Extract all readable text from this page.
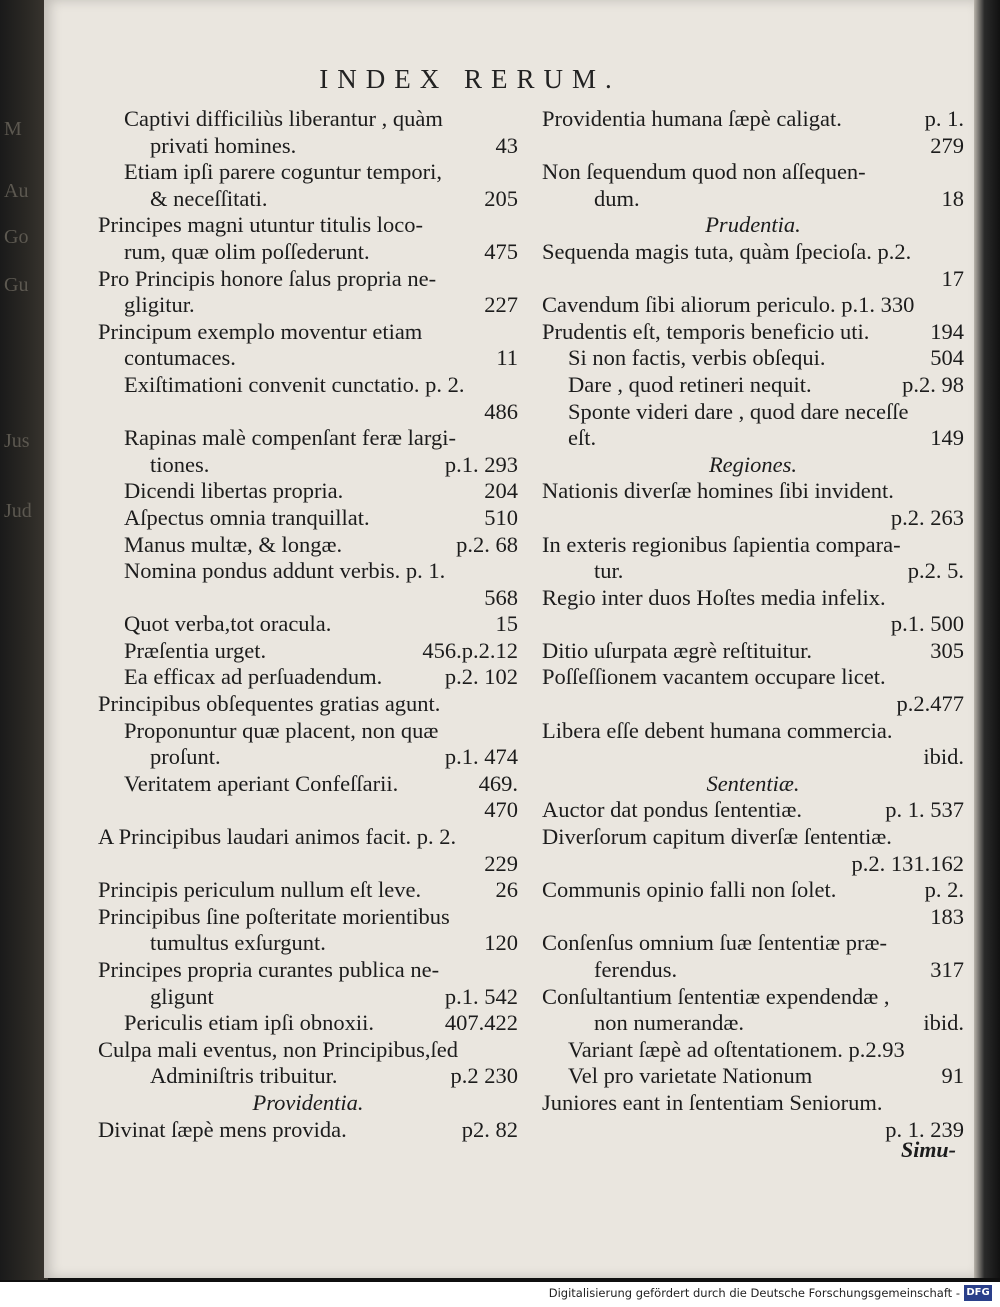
M
Au
Go
Gu
Jus
Jud
INDEX RERUM.
Captivi difficiliùs liberantur , quàm
privati homines.	43
Etiam ipſi parere coguntur tempori,
& neceſſitati.	205
Principes magni utuntur titulis loco-
rum, quæ olim poſſederunt.	475
Pro Principis honore ſalus propria ne-
gligitur.	227
Principum exemplo moventur etiam
contumaces.	11
Exiſtimationi convenit cunctatio. p. 2.
486
Rapinas malè compenſant feræ largi-
tiones.	p.1. 293
Dicendi libertas propria.	204
Aſpectus omnia tranquillat.	510
Manus multæ, & longæ.	p.2. 68
Nomina pondus addunt verbis. p. 1.
568
Quot verba,tot oracula.	15
Præſentia urget.	456.p.2.12
Ea efficax ad perſuadendum.	p.2. 102
Principibus obſequentes gratias agunt.
Proponuntur quæ placent, non quæ
proſunt.	p.1. 474
Veritatem aperiant Confeſſarii.	469.
470
A Principibus laudari animos facit. p. 2.
229
Principis periculum nullum eſt leve.	26
Principibus ſine poſteritate morientibus
tumultus exſurgunt.	120
Principes propria curantes publica ne-
gligunt	p.1. 542
Periculis etiam ipſi obnoxii.	407.422
Culpa mali eventus, non Principibus,ſed
Adminiſtris tribuitur.	p.2 230
Providentia.
Divinat ſæpè mens provida.	p2. 82
Providentia humana ſæpè caligat.	p. 1.
279
Non ſequendum quod non aſſequen-
dum.	18
Prudentia.
Sequenda magis tuta, quàm ſpecioſa. p.2.
17
Cavendum ſibi aliorum periculo. p.1. 330
Prudentis eſt, temporis beneficio uti.	194
Si non factis, verbis obſequi.	504
Dare , quod retineri nequit.	p.2. 98
Sponte videri dare , quod dare neceſſe
eſt.	149
Regiones.
Nationis diverſæ homines ſibi invident.
p.2. 263
In exteris regionibus ſapientia compara-
tur.	p.2. 5.
Regio inter duos Hoſtes media infelix.
p.1. 500
Ditio uſurpata ægrè reſtituitur.	305
Poſſeſſionem vacantem occupare licet.
p.2.477
Libera eſſe debent humana commercia.
ibid.
Sententiæ.
Auctor dat pondus ſententiæ.	p. 1. 537
Diverſorum capitum diverſæ ſententiæ.
p.2. 131.162
Communis opinio falli non ſolet.	p. 2.
183
Conſenſus omnium ſuæ ſententiæ præ-
ferendus.	317
Conſultantium ſententiæ expendendæ ,
non numerandæ.	ibid.
Variant ſæpè ad oſtentationem. p.2.93
Vel pro varietate Nationum	91
Juniores eant in ſententiam Seniorum.
p. 1. 239
Simu-
Digitalisierung gefördert durch die Deutsche Forschungsgemeinschaft - DFG
